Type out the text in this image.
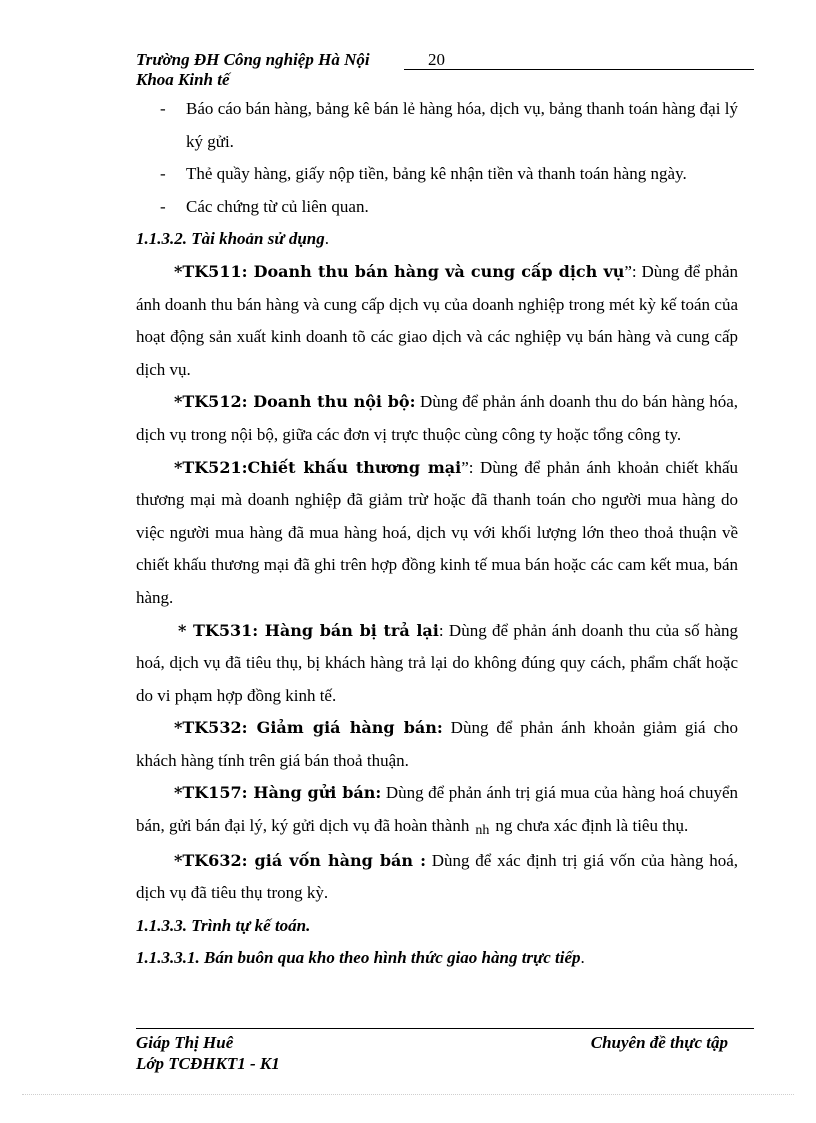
Trường ĐH Công nghiệp Hà Nội	20
Khoa Kinh tế
- Báo cáo bán hàng, bảng kê bán lẻ hàng hóa, dịch vụ, bảng thanh toán hàng đại lý ký gửi.
- Thẻ quầy hàng, giấy nộp tiền, bảng kê nhận tiền và thanh toán hàng ngày.
- Các chứng từ củ liên quan.
1.1.3.2. Tài khoản sử dụng.
*TK511: Doanh thu bán hàng và cung cấp dịch vụ”: Dùng để phản ánh doanh thu bán hàng và cung cấp dịch vụ của doanh nghiệp trong mét kỳ kế toán của hoạt động sản xuất kinh doanh tõ các giao dịch và các nghiệp vụ bán hàng và cung cấp dịch vụ.
*TK512: Doanh thu nội bộ: Dùng để phản ánh doanh thu do bán hàng hóa, dịch vụ trong nội bộ, giữa các đơn vị trực thuộc cùng công ty hoặc tổng công ty.
*TK521:Chiết khấu thương mại”: Dùng để phản ánh khoản chiết khấu thương mại mà doanh nghiệp đã giảm trừ hoặc đã thanh toán cho người mua hàng do việc người mua hàng đã mua hàng hoá, dịch vụ với khối lượng lớn theo thoả thuận về chiết khấu thương mại đã ghi trên hợp đồng kinh tế mua bán hoặc các cam kết mua, bán hàng.
* TK531: Hàng bán bị trả lại: Dùng để phản ánh doanh thu của số hàng hoá, dịch vụ đã tiêu thụ, bị khách hàng trả lại do không đúng quy cách, phẩm chất hoặc do vi phạm hợp đồng kinh tế.
*TK532: Giảm giá hàng bán: Dùng để phản ánh khoản giảm giá cho khách hàng tính trên giá bán thoả thuận.
*TK157: Hàng gửi bán: Dùng để phản ánh trị giá mua của hàng hoá chuyển bán, gửi bán đại lý, ký gửi dịch vụ đã hoàn thành nh ng chưa xác định là tiêu thụ.
*TK632: giá vốn hàng bán : Dùng để xác định trị giá vốn của hàng hoá, dịch vụ đã tiêu thụ trong kỳ.
1.1.3.3. Trình tự kế toán.
1.1.3.3.1. Bán buôn qua kho theo hình thức giao hàng trực tiếp.
Giáp Thị Huê	Chuyên đề thực tập
Lớp TCĐHKT1 - K1
